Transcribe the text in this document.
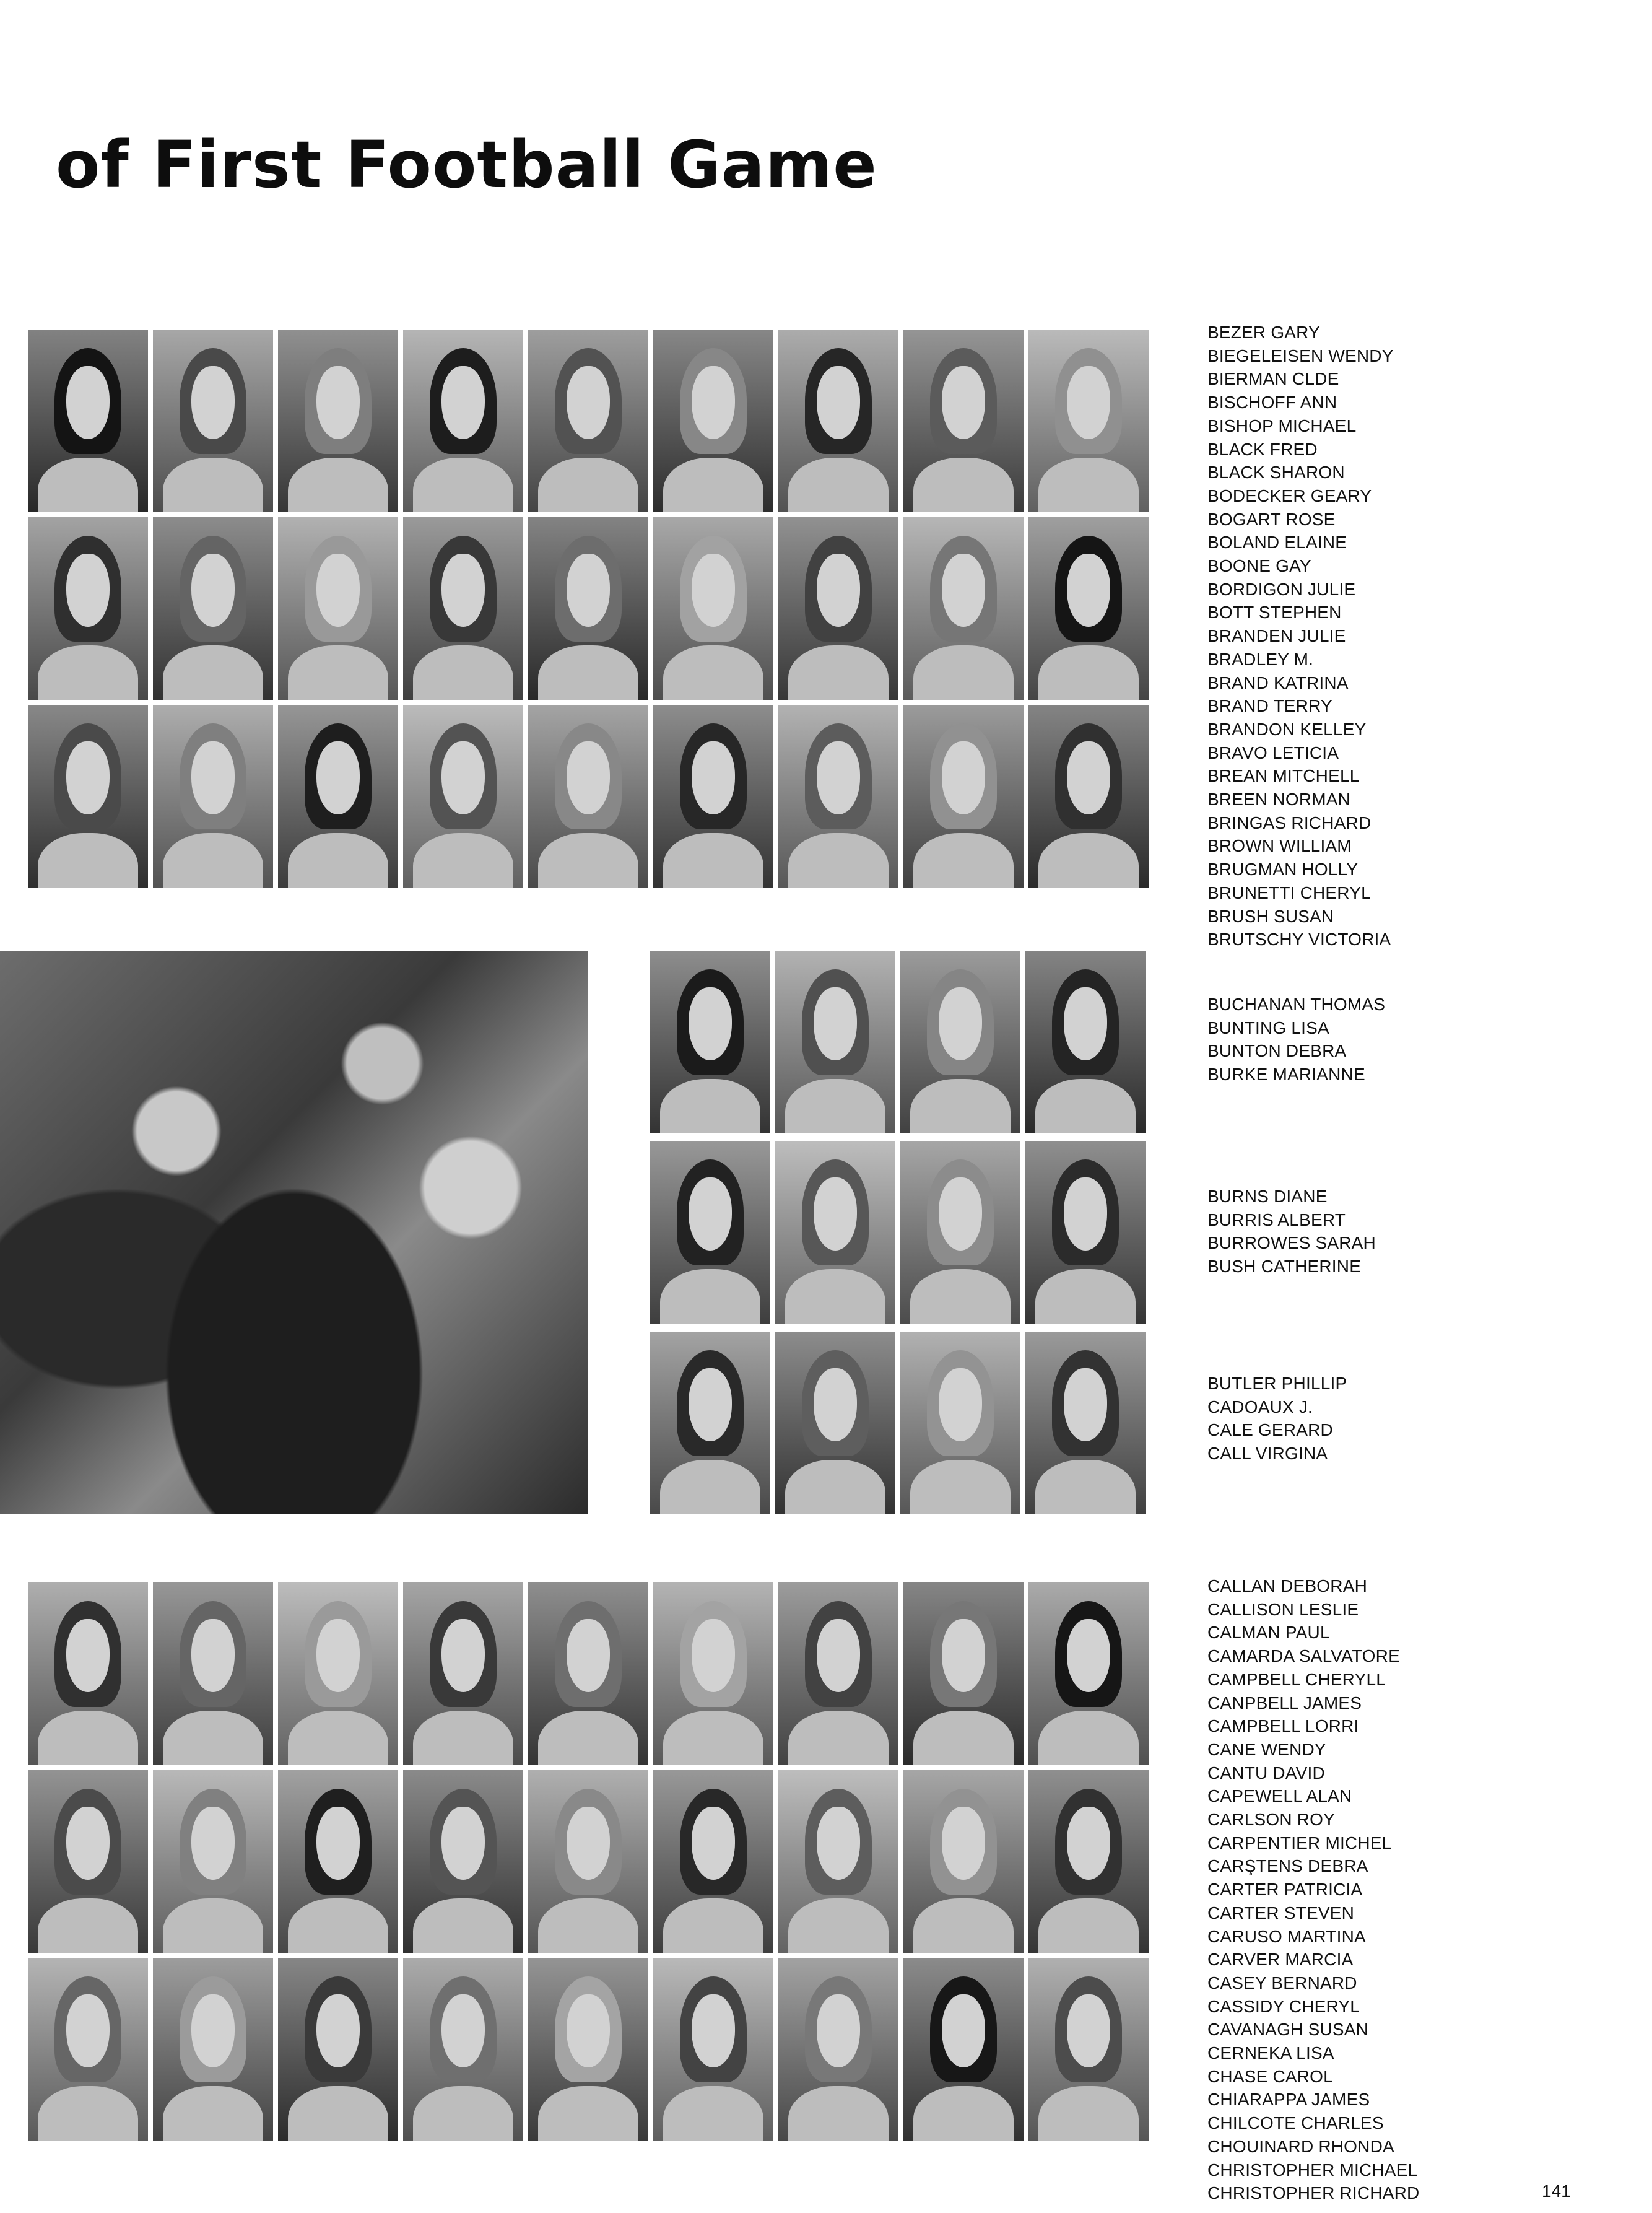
of First Football Game
BEZER GARY
BIEGELEISEN WENDY
BIERMAN CLDE
BISCHOFF ANN
BISHOP MICHAEL
BLACK FRED
BLACK SHARON
BODECKER GEARY
BOGART ROSE
BOLAND ELAINE
BOONE GAY
BORDIGON JULIE
BOTT STEPHEN
BRANDEN JULIE
BRADLEY M.
BRAND KATRINA
BRAND TERRY
BRANDON KELLEY
BRAVO LETICIA
BREAN MITCHELL
BREEN NORMAN
BRINGAS RICHARD
BROWN WILLIAM
BRUGMAN HOLLY
BRUNETTI CHERYL
BRUSH SUSAN
BRUTSCHY VICTORIA
BUCHANAN THOMAS
BUNTING LISA
BUNTON DEBRA
BURKE MARIANNE
BURNS DIANE
BURRIS ALBERT
BURROWES SARAH
BUSH CATHERINE
BUTLER PHILLIP
CADOAUX J.
CALE GERARD
CALL VIRGINA
CALLAN DEBORAH
CALLISON LESLIE
CALMAN PAUL
CAMARDA SALVATORE
CAMPBELL CHERYLL
CANPBELL JAMES
CAMPBELL LORRI
CANE WENDY
CANTU DAVID
CAPEWELL ALAN
CARLSON ROY
CARPENTIER MICHEL
CARŞTENS DEBRA
CARTER PATRICIA
CARTER STEVEN
CARUSO MARTINA
CARVER MARCIA
CASEY BERNARD
CASSIDY CHERYL
CAVANAGH SUSAN
CERNEKA LISA
CHASE CAROL
CHIARAPPA JAMES
CHILCOTE CHARLES
CHOUINARD RHONDA
CHRISTOPHER MICHAEL
CHRISTOPHER RICHARD	141
